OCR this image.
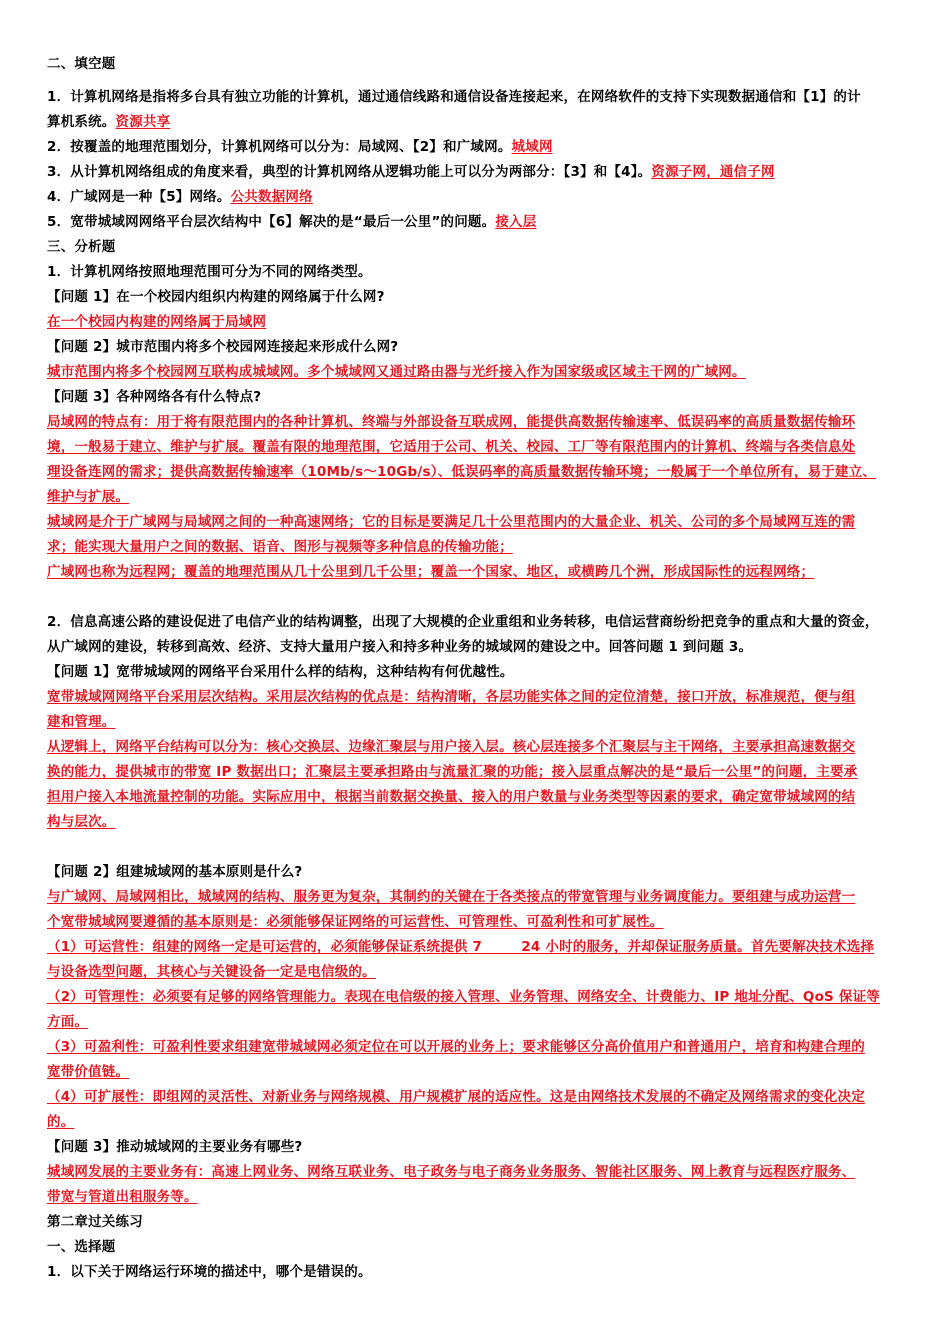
二、填空题
1．计算机网络是指将多台具有独立功能的计算机，通过通信线路和通信设备连接起来，在网络软件的支持下实现数据通信和【1】的计
算机系统。资源共享
2．按覆盖的地理范围划分，计算机网络可以分为：局域网、【2】和广域网。城域网
3．从计算机网络组成的角度来看，典型的计算机网络从逻辑功能上可以分为两部分：【3】和【4】。资源子网，通信子网
4．广域网是一种【5】网络。公共数据网络
5．宽带城域网网络平台层次结构中【6】解决的是“最后一公里”的问题。接入层
三、分析题
1．计算机网络按照地理范围可分为不同的网络类型。
【问题 1】在一个校园内组织内构建的网络属于什么网?
在一个校园内构建的网络属于局域网
【问题 2】城市范围内将多个校园网连接起来形成什么网?
城市范围内将多个校园网互联构成城域网。多个城域网又通过路由器与光纤接入作为国家级或区域主干网的广域网。
【问题 3】各种网络各有什么特点?
局域网的特点有：用于将有限范围内的各种计算机、终端与外部设备互联成网，能提供高数据传输速率、低误码率的高质量数据传输环
境，一般易于建立、维护与扩展。覆盖有限的地理范围，它适用于公司、机关、校园、工厂等有限范围内的计算机、终端与各类信息处
理设备连网的需求；提供高数据传输速率（10Mb/s～10Gb/s）、低误码率的高质量数据传输环境；一般属于一个单位所有，易于建立、
维护与扩展。
城域网是介于广域网与局域网之间的一种高速网络；它的目标是要满足几十公里范围内的大量企业、机关、公司的多个局域网互连的需
求；能实现大量用户之间的数据、语音、图形与视频等多种信息的传输功能；
广域网也称为远程网；覆盖的地理范围从几十公里到几千公里；覆盖一个国家、地区，或横跨几个洲，形成国际性的远程网络；
2．信息高速公路的建设促进了电信产业的结构调整，出现了大规模的企业重组和业务转移，电信运营商纷纷把竞争的重点和大量的资金，
从广域网的建设，转移到高效、经济、支持大量用户接入和持多种业务的城域网的建设之中。回答问题 1 到问题 3。
【问题 1】宽带城域网的网络平台采用什么样的结构，这种结构有何优越性。
宽带城域网网络平台采用层次结构。采用层次结构的优点是：结构清晰，各层功能实体之间的定位清楚，接口开放，标准规范，便与组
建和管理。
从逻辑上，网络平台结构可以分为：核心交换层、边缘汇聚层与用户接入层。核心层连接多个汇聚层与主干网络，主要承担高速数据交
换的能力，提供城市的带宽 IP 数据出口；汇聚层主要承担路由与流量汇聚的功能；接入层重点解决的是“最后一公里”的问题，主要承
担用户接入本地流量控制的功能。实际应用中，根据当前数据交换量、接入的用户数量与业务类型等因素的要求，确定宽带城域网的结
构与层次。
【问题 2】组建城域网的基本原则是什么?
与广域网、局域网相比，城域网的结构、服务更为复杂，其制约的关键在于各类接点的带宽管理与业务调度能力。要组建与成功运营一
个宽带城域网要遵循的基本原则是：必须能够保证网络的可运营性、可管理性、可盈利性和可扩展性。
（1）可运营性：组建的网络一定是可运营的，必须能够保证系统提供 7        24 小时的服务，并却保证服务质量。首先要解决技术选择
与设备选型问题，其核心与关键设备一定是电信级的。
（2）可管理性：必须要有足够的网络管理能力。表现在电信级的接入管理、业务管理、网络安全、计费能力、IP 地址分配、QoS 保证等
方面。
（3）可盈利性：可盈利性要求组建宽带城域网必须定位在可以开展的业务上；要求能够区分高价值用户和普通用户，培育和构建合理的
宽带价值链。
（4）可扩展性：即组网的灵活性、对新业务与网络规模、用户规模扩展的适应性。这是由网络技术发展的不确定及网络需求的变化决定
的。
【问题 3】推动城域网的主要业务有哪些?
城域网发展的主要业务有：高速上网业务、网络互联业务、电子政务与电子商务业务服务、智能社区服务、网上教育与远程医疗服务、
带宽与管道出租服务等。
第二章过关练习
一、选择题
1．以下关于网络运行环境的描述中，哪个是错误的。
